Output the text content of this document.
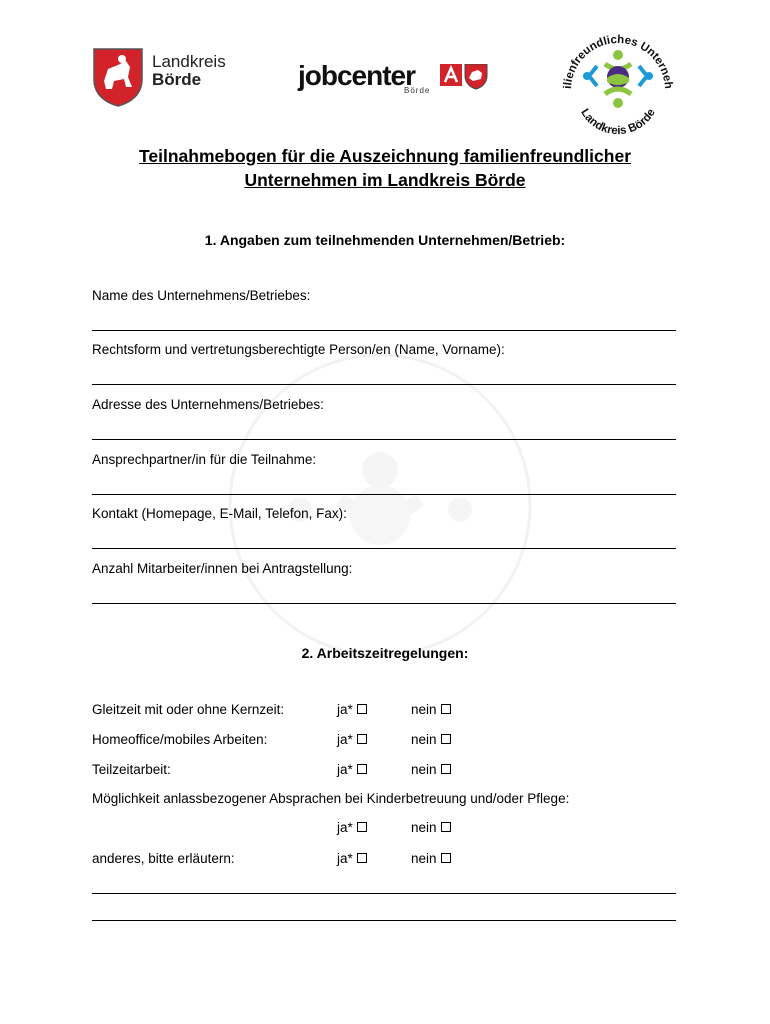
Landkreis
Börde	jobcenter
Börde	ilienfreundliches Unterneh
Landkreis Börde
Teilnahmebogen für die Auszeichnung familienfreundlicher
Unternehmen im Landkreis Börde
1. Angaben zum teilnehmenden Unternehmen/Betrieb:
Name des Unternehmens/Betriebes:
Rechtsform und vertretungsberechtigte Person/en (Name, Vorname):
Adresse des Unternehmens/Betriebes:
Ansprechpartner/in für die Teilnahme:
Kontakt (Homepage, E-Mail, Telefon, Fax):
Anzahl Mitarbeiter/innen bei Antragstellung:
2. Arbeitszeitregelungen:
Gleitzeit mit oder ohne Kernzeit:	ja*	nein
Homeoffice/mobiles Arbeiten:	ja*	nein
Teilzeitarbeit:	ja*	nein
Möglichkeit anlassbezogener Absprachen bei Kinderbetreuung und/oder Pflege:
ja*	nein
anderes, bitte erläutern:	ja*	nein
